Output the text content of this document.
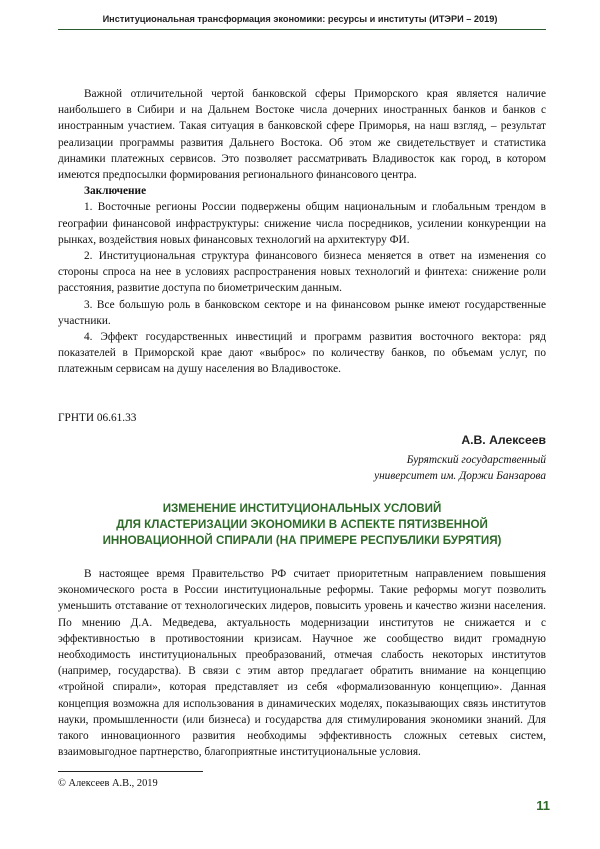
Институциональная трансформация экономики: ресурсы и институты (ИТЭРИ – 2019)

Важной отличительной чертой банковской сферы Приморского края является наличие наибольшего в Сибири и на Дальнем Востоке числа дочерних иностранных банков и банков с иностранным участием. Такая ситуация в банковской сфере Приморья, на наш взгляд, – результат реализации программы развития Дальнего Востока. Об этом же свидетельствует и статистика динамики платежных сервисов. Это позволяет рассматривать Владивосток как город, в котором имеются предпосылки формирования регионального финансового центра.

Заключение

1. Восточные регионы России подвержены общим национальным и глобальным трендом в географии финансовой инфраструктуры: снижение числа посредников, усилении конкуренции на рынках, воздействия новых финансовых технологий на архитектуру ФИ.

2. Институциональная структура финансового бизнеса меняется в ответ на изменения со стороны спроса на нее в условиях распространения новых технологий и финтеха: снижение роли расстояния, развитие доступа по биометрическим данным.

3. Все большую роль в банковском секторе и на финансовом рынке имеют государственные участники.

4. Эффект государственных инвестиций и программ развития восточного вектора: ряд показателей в Приморской крае дают «выброс» по количеству банков, по объемам услуг, по платежным сервисам на душу населения во Владивостоке.

ГРНТИ 06.61.33
А.В. Алексеев
Бурятский государственный
университет им. Доржи Банзарова
ИЗМЕНЕНИЕ ИНСТИТУЦИОНАЛЬНЫХ УСЛОВИЙ
ДЛЯ КЛАСТЕРИЗАЦИИ ЭКОНОМИКИ В АСПЕКТЕ ПЯТИЗВЕННОЙ
ИННОВАЦИОННОЙ СПИРАЛИ (НА ПРИМЕРЕ РЕСПУБЛИКИ БУРЯТИЯ)

В настоящее время Правительство РФ считает приоритетным направлением повышения экономического роста в России институциональные реформы. Такие реформы могут позволить уменьшить отставание от технологических лидеров, повысить уровень и качество жизни населения. По мнению Д.А. Медведева, актуальность модернизации институтов не снижается и с эффективностью в противостоянии кризисам. Научное же сообщество видит громадную необходимость институциональных преобразований, отмечая слабость некоторых институтов (например, государства). В связи с этим автор предлагает обратить внимание на концепцию «тройной спирали», которая представляет из себя «формализованную концепцию». Данная концепция возможна для использования в динамических моделях, показывающих связь институтов науки, промышленности (или бизнеса) и государства для стимулирования экономики знаний. Для такого инновационного развития необходимы эффективность сложных сетевых систем, взаимовыгодное партнерство, благоприятные институциональные условия.

© Алексеев А.В., 2019
11
